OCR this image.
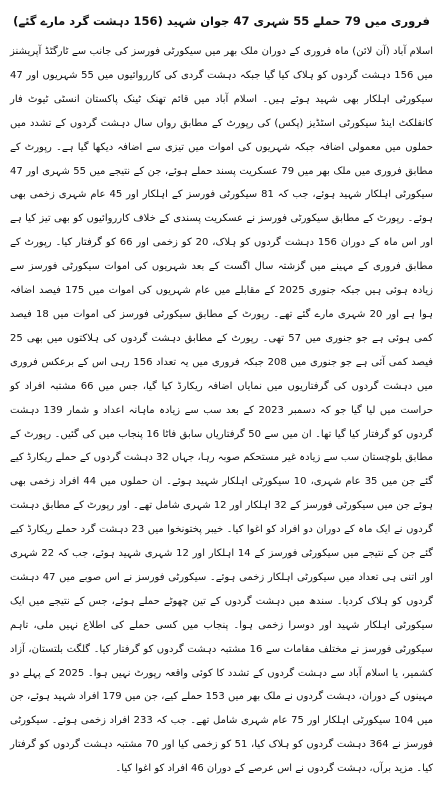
فروری میں 79 حملے 55 شہری 47 جوان شہید (156 دہشت گرد مارے گئے)

اسلام آباد (آن لائن) ماہ فروری کے دوران ملک بھر میں سیکورٹی فورسز کی جانب سے ٹارگٹڈ آپریشنز میں 156 دہشت گردوں کو ہلاک کیا گیا جبکہ دہشت گردی کی کارروائیوں میں 55 شہریوں اور 47 سیکورٹی اہلکار بھی شہید ہوئے ہیں۔ اسلام آباد میں قائم تھنک ٹینک پاکستان انسٹی ٹیوٹ فار کانفلکٹ اینڈ سیکورٹی اسٹڈیز (پکس) کی رپورٹ کے مطابق رواں سال دہشت گردوں کے تشدد میں حملوں میں معمولی اضافہ جبکہ شہریوں کی اموات میں تیزی سے اضافہ دیکھا گیا ہے۔ رپورٹ کے مطابق فروری میں ملک بھر میں 79 عسکریت پسند حملے ہوئے، جن کے نتیجے میں 55 شہری اور 47 سیکورٹی اہلکار شہید ہوئے، جب کہ 81 سیکورٹی فورسز کے اہلکار اور 45 عام شہری زخمی بھی ہوئے۔ رپورٹ کے مطابق سیکورٹی فورسز نے عسکریت پسندی کے خلاف کارروائیوں کو بھی تیز کیا ہے اور اس ماہ کے دوران 156 دہشت گردوں کو ہلاک، 20 کو زخمی اور 66 کو گرفتار کیا۔ رپورٹ کے مطابق فروری کے مہینے میں گزشتہ سال اگست کے بعد شہریوں کی اموات سیکورٹی فورسز سے زیادہ ہوئی ہیں جبکہ جنوری 2025 کے مقابلے میں عام شہریوں کی اموات میں 175 فیصد اضافہ ہوا ہے اور 20 شہری مارے گئے تھے۔ رپورٹ کے مطابق سیکورٹی فورسز کی اموات میں 18 فیصد کمی ہوئی ہے جو جنوری میں 57 تھی۔ رپورٹ کے مطابق دہشت گردوں کی ہلاکتوں میں بھی 25 فیصد کمی آئی ہے جو جنوری میں 208 جبکہ فروری میں یہ تعداد 156 رہی اس کے برعکس فروری میں دہشت گردوں کی گرفتاریوں میں نمایاں اضافہ ریکارڈ کیا گیا، جس میں 66 مشتبہ افراد کو حراست میں لیا گیا جو کہ دسمبر 2023 کے بعد سب سے زیادہ ماہانہ اعداد و شمار 139 دہشت گردوں کو گرفتار کیا گیا تھا۔ ان میں سے 50 گرفتاریاں سابق فاٹا 16 پنجاب میں کی گئیں۔ رپورٹ کے مطابق بلوچستان سب سے زیادہ غیر مستحکم صوبہ رہا، جہاں 32 دہشت گردوں کے حملے ریکارڈ کیے گئے جن میں 35 عام شہری، 10 سیکورٹی اہلکار شہید ہوئے۔ ان حملوں میں 44 افراد زخمی بھی ہوئے جن میں سیکورٹی فورسز کے 32 اہلکار اور 12 شہری شامل تھے۔ اور رپورٹ کے مطابق دہشت گردوں نے ایک ماہ کے دوران دو افراد کو اغوا کیا۔ خیبر پختونخوا میں 23 دہشت گرد حملے ریکارڈ کیے گئے جن کے نتیجے میں سیکورٹی فورسز کے 14 اہلکار اور 12 شہری شہید ہوئے، جب کہ 22 شہری اور اتنی ہی تعداد میں سیکورٹی اہلکار زخمی ہوئے۔ سیکورٹی فورسز نے اس صوبے میں 47 دہشت گردوں کو ہلاک کردیا۔ سندھ میں دہشت گردوں کے تین چھوٹے حملے ہوئے، جس کے نتیجے میں ایک سیکورٹی اہلکار شہید اور دوسرا زخمی ہوا۔ پنجاب میں کسی حملے کی اطلاع نہیں ملی، تاہم سیکورٹی فورسز نے مختلف مقامات سے 16 مشتبہ دہشت گردوں کو گرفتار کیا۔ گلگت بلتستان، آزاد کشمیر، یا اسلام آباد سے دہشت گردوں کے تشدد کا کوئی واقعہ رپورٹ نہیں ہوا۔ 2025 کے پہلے دو مہینوں کے دوران، دہشت گردوں نے ملک بھر میں 153 حملے کیے، جن میں 179 افراد شہید ہوئے، جن میں 104 سیکورٹی اہلکار اور 75 عام شہری شامل تھے۔ جب کہ 233 افراد زخمی ہوئے۔ سیکورٹی فورسز نے 364 دہشت گردوں کو ہلاک کیا، 51 کو زخمی کیا اور 70 مشتبہ دہشت گردوں کو گرفتار کیا۔ مزید برآں، دہشت گردوں نے اس عرصے کے دوران 46 افراد کو اغوا کیا۔
